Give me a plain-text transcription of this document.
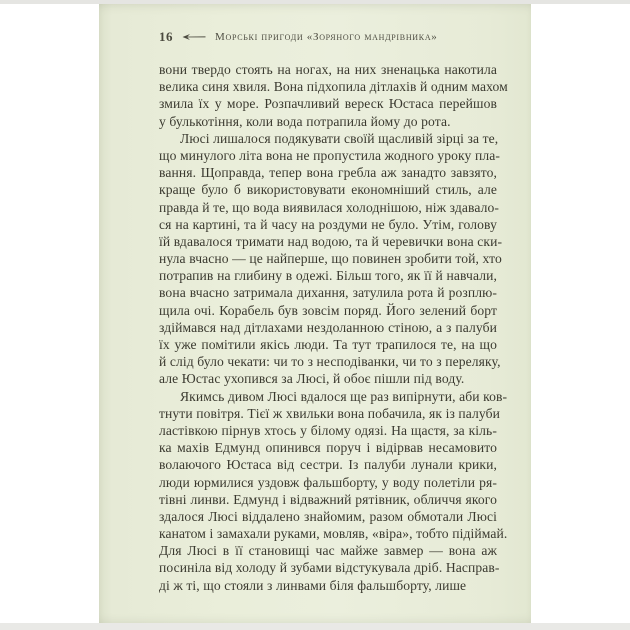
16	Морські пригоди «Зоряного мандрівника»
вони твердо стоять на ногах, на них зненацька накотила
велика синя хвиля. Вона підхопила дітлахів й одним махом
змила їх у море. Розпачливий вереск Юстаса перейшов
у булькотіння, коли вода потрапила йому до рота.
Люсі лишалося подякувати своїй щасливій зірці за те,
що минулого літа вона не пропустила жодного уроку пла-
вання. Щоправда, тепер вона гребла аж занадто завзято,
краще було б використовувати економніший стиль, але
правда й те, що вода виявилася холоднішою, ніж здавало-
ся на картині, та й часу на роздуми не було. Утім, голову
їй вдавалося тримати над водою, та й черевички вона ски-
нула вчасно — це найперше, що повинен зробити той, хто
потрапив на глибину в одежі. Більш того, як її й навчали,
вона вчасно затримала дихання, затулила рота й розплю-
щила очі. Корабель був зовсім поряд. Його зелений борт
здіймався над дітлахами нездоланною стіною, а з палуби
їх уже помітили якісь люди. Та тут трапилося те, на що
й слід було чекати: чи то з несподіванки, чи то з переляку,
але Юстас ухопився за Люсі, й обоє пішли під воду.
Якимсь дивом Люсі вдалося ще раз випірнути, аби ков-
тнути повітря. Тієї ж хвильки вона побачила, як із палуби
ластівкою пірнув хтось у білому одязі. На щастя, за кіль-
ка махів Едмунд опинився поруч і відірвав несамовито
волаючого Юстаса від сестри. Із палуби лунали крики,
люди юрмилися уздовж фальшборту, у воду полетіли ря-
тівні линви. Едмунд і відважний рятівник, обличчя якого
здалося Люсі віддалено знайомим, разом обмотали Люсі
канатом і замахали руками, мовляв, «віра», тобто підіймай.
Для Люсі в її становищі час майже завмер — вона аж
посиніла від холоду й зубами відстукувала дріб. Насправ-
ді ж ті, що стояли з линвами біля фальшборту, лише
